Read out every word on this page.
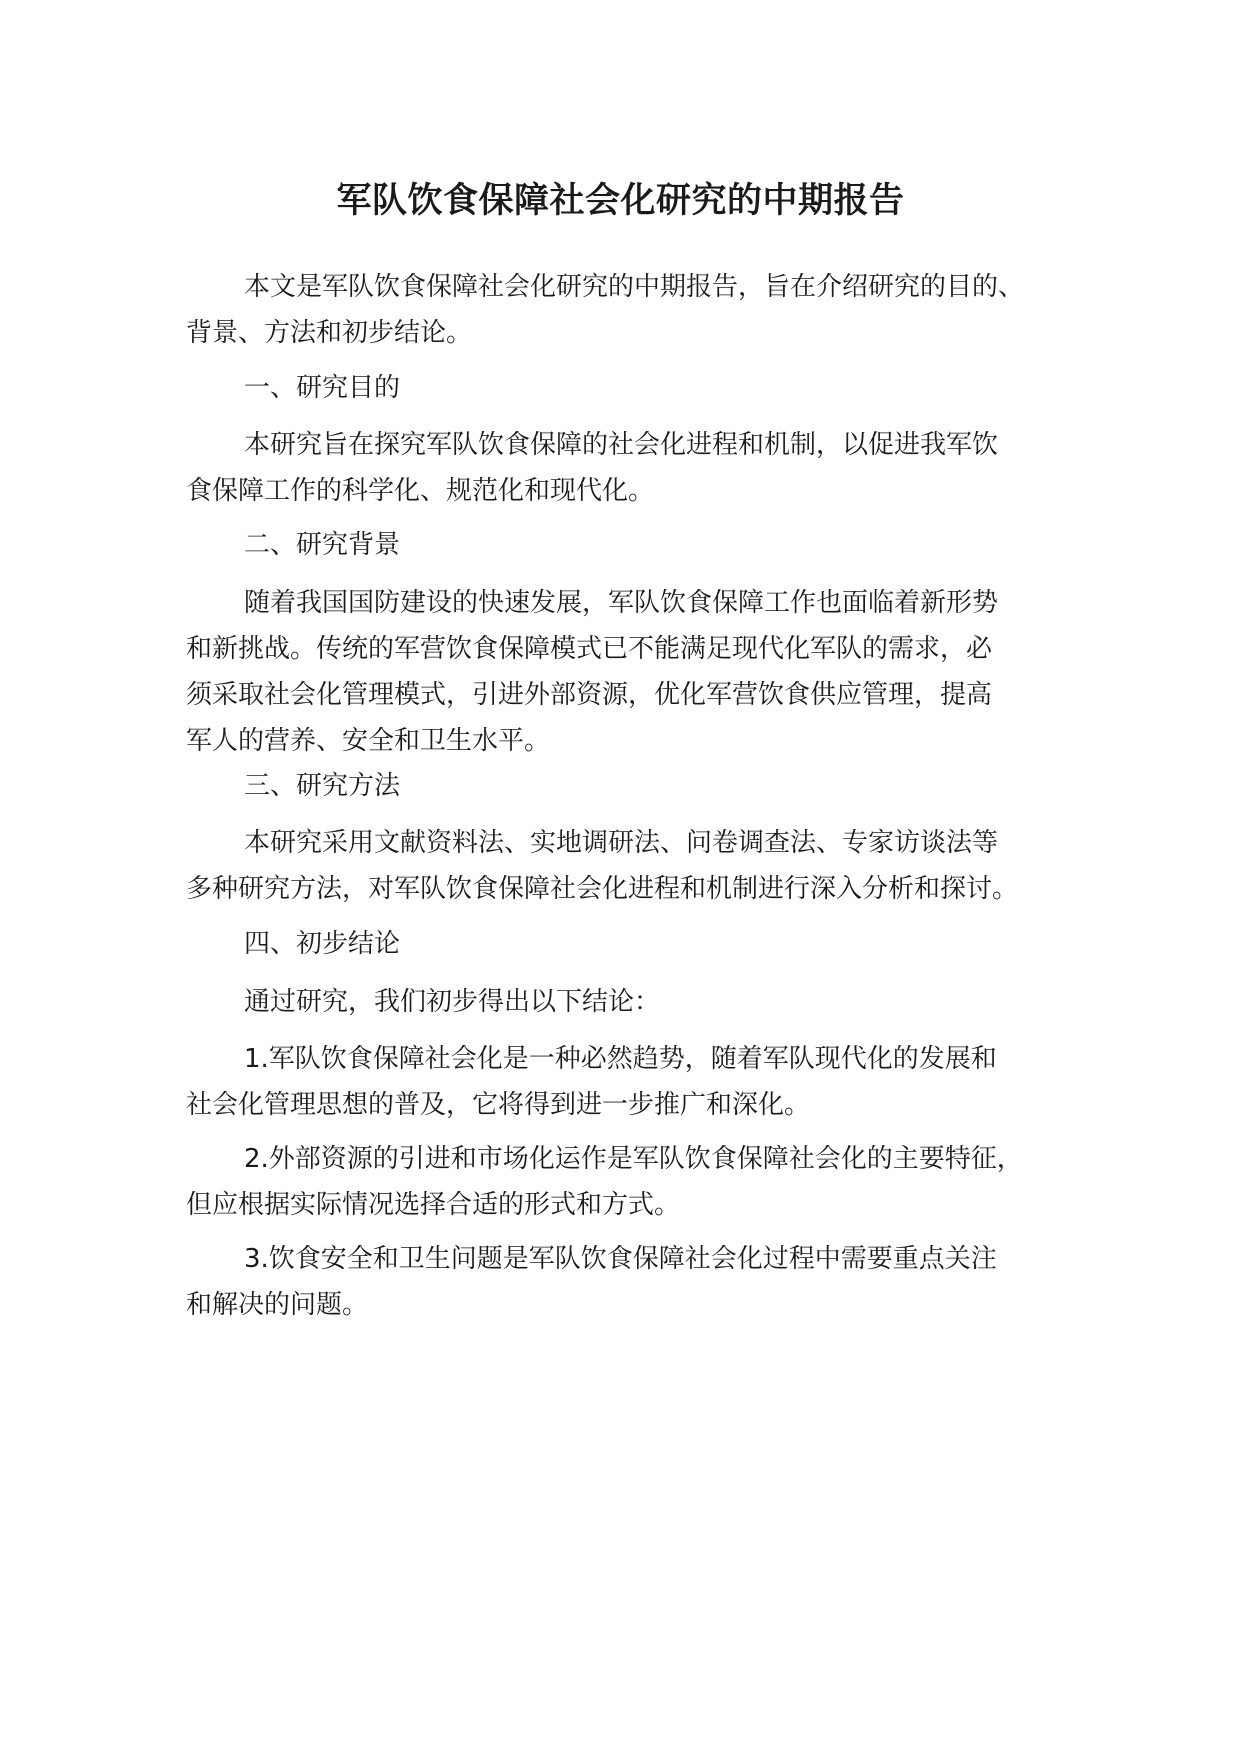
军队饮食保障社会化研究的中期报告

本文是军队饮食保障社会化研究的中期报告，旨在介绍研究的目的、
背景、方法和初步结论。

一、研究目的

本研究旨在探究军队饮食保障的社会化进程和机制，以促进我军饮
食保障工作的科学化、规范化和现代化。

二、研究背景

随着我国国防建设的快速发展，军队饮食保障工作也面临着新形势
和新挑战。传统的军营饮食保障模式已不能满足现代化军队的需求，必
须采取社会化管理模式，引进外部资源，优化军营饮食供应管理，提高
军人的营养、安全和卫生水平。

三、研究方法

本研究采用文献资料法、实地调研法、问卷调查法、专家访谈法等
多种研究方法，对军队饮食保障社会化进程和机制进行深入分析和探讨。

四、初步结论

通过研究，我们初步得出以下结论：

1.军队饮食保障社会化是一种必然趋势，随着军队现代化的发展和
社会化管理思想的普及，它将得到进一步推广和深化。

2.外部资源的引进和市场化运作是军队饮食保障社会化的主要特征，
但应根据实际情况选择合适的形式和方式。

3.饮食安全和卫生问题是军队饮食保障社会化过程中需要重点关注
和解决的问题。
